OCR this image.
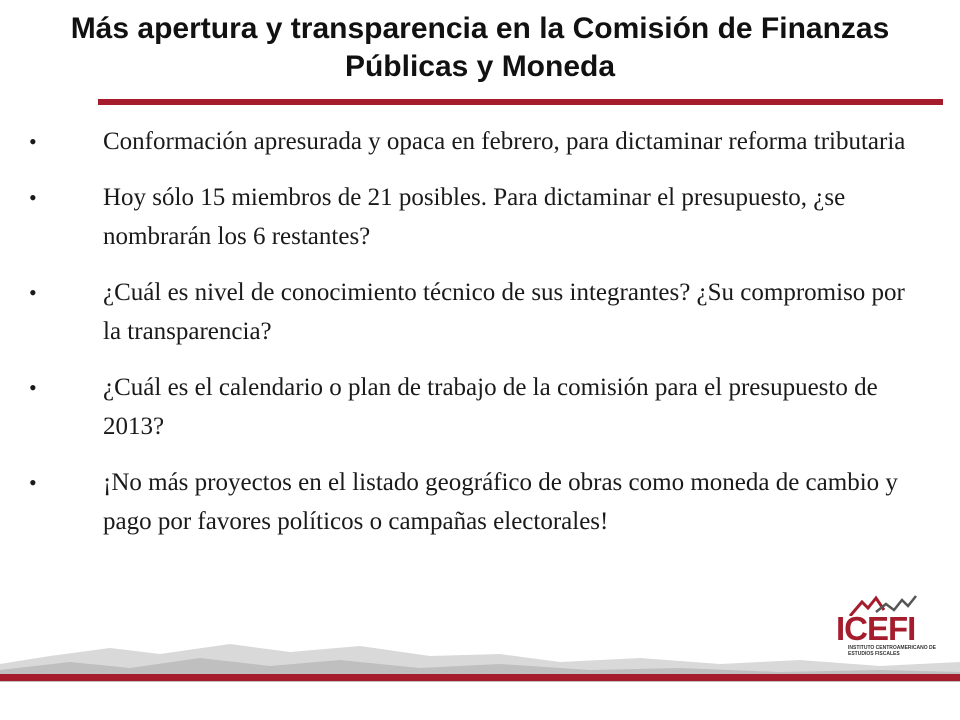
Más apertura y transparencia en la Comisión de Finanzas Públicas y Moneda
•	Conformación apresurada y opaca en febrero, para dictaminar reforma tributaria
•	Hoy sólo 15 miembros de 21 posibles. Para dictaminar el presupuesto, ¿se nombrarán los 6 restantes?
•	¿Cuál es nivel de conocimiento técnico de sus integrantes? ¿Su compromiso por la transparencia?
•	¿Cuál es el calendario o plan de trabajo de la comisión para el presupuesto de 2013?
•	¡No más proyectos en el listado geográfico de obras como moneda de cambio y pago por favores políticos o campañas electorales!
ICEFI
INSTITUTO CENTROAMERICANO DE ESTUDIOS FISCALES
